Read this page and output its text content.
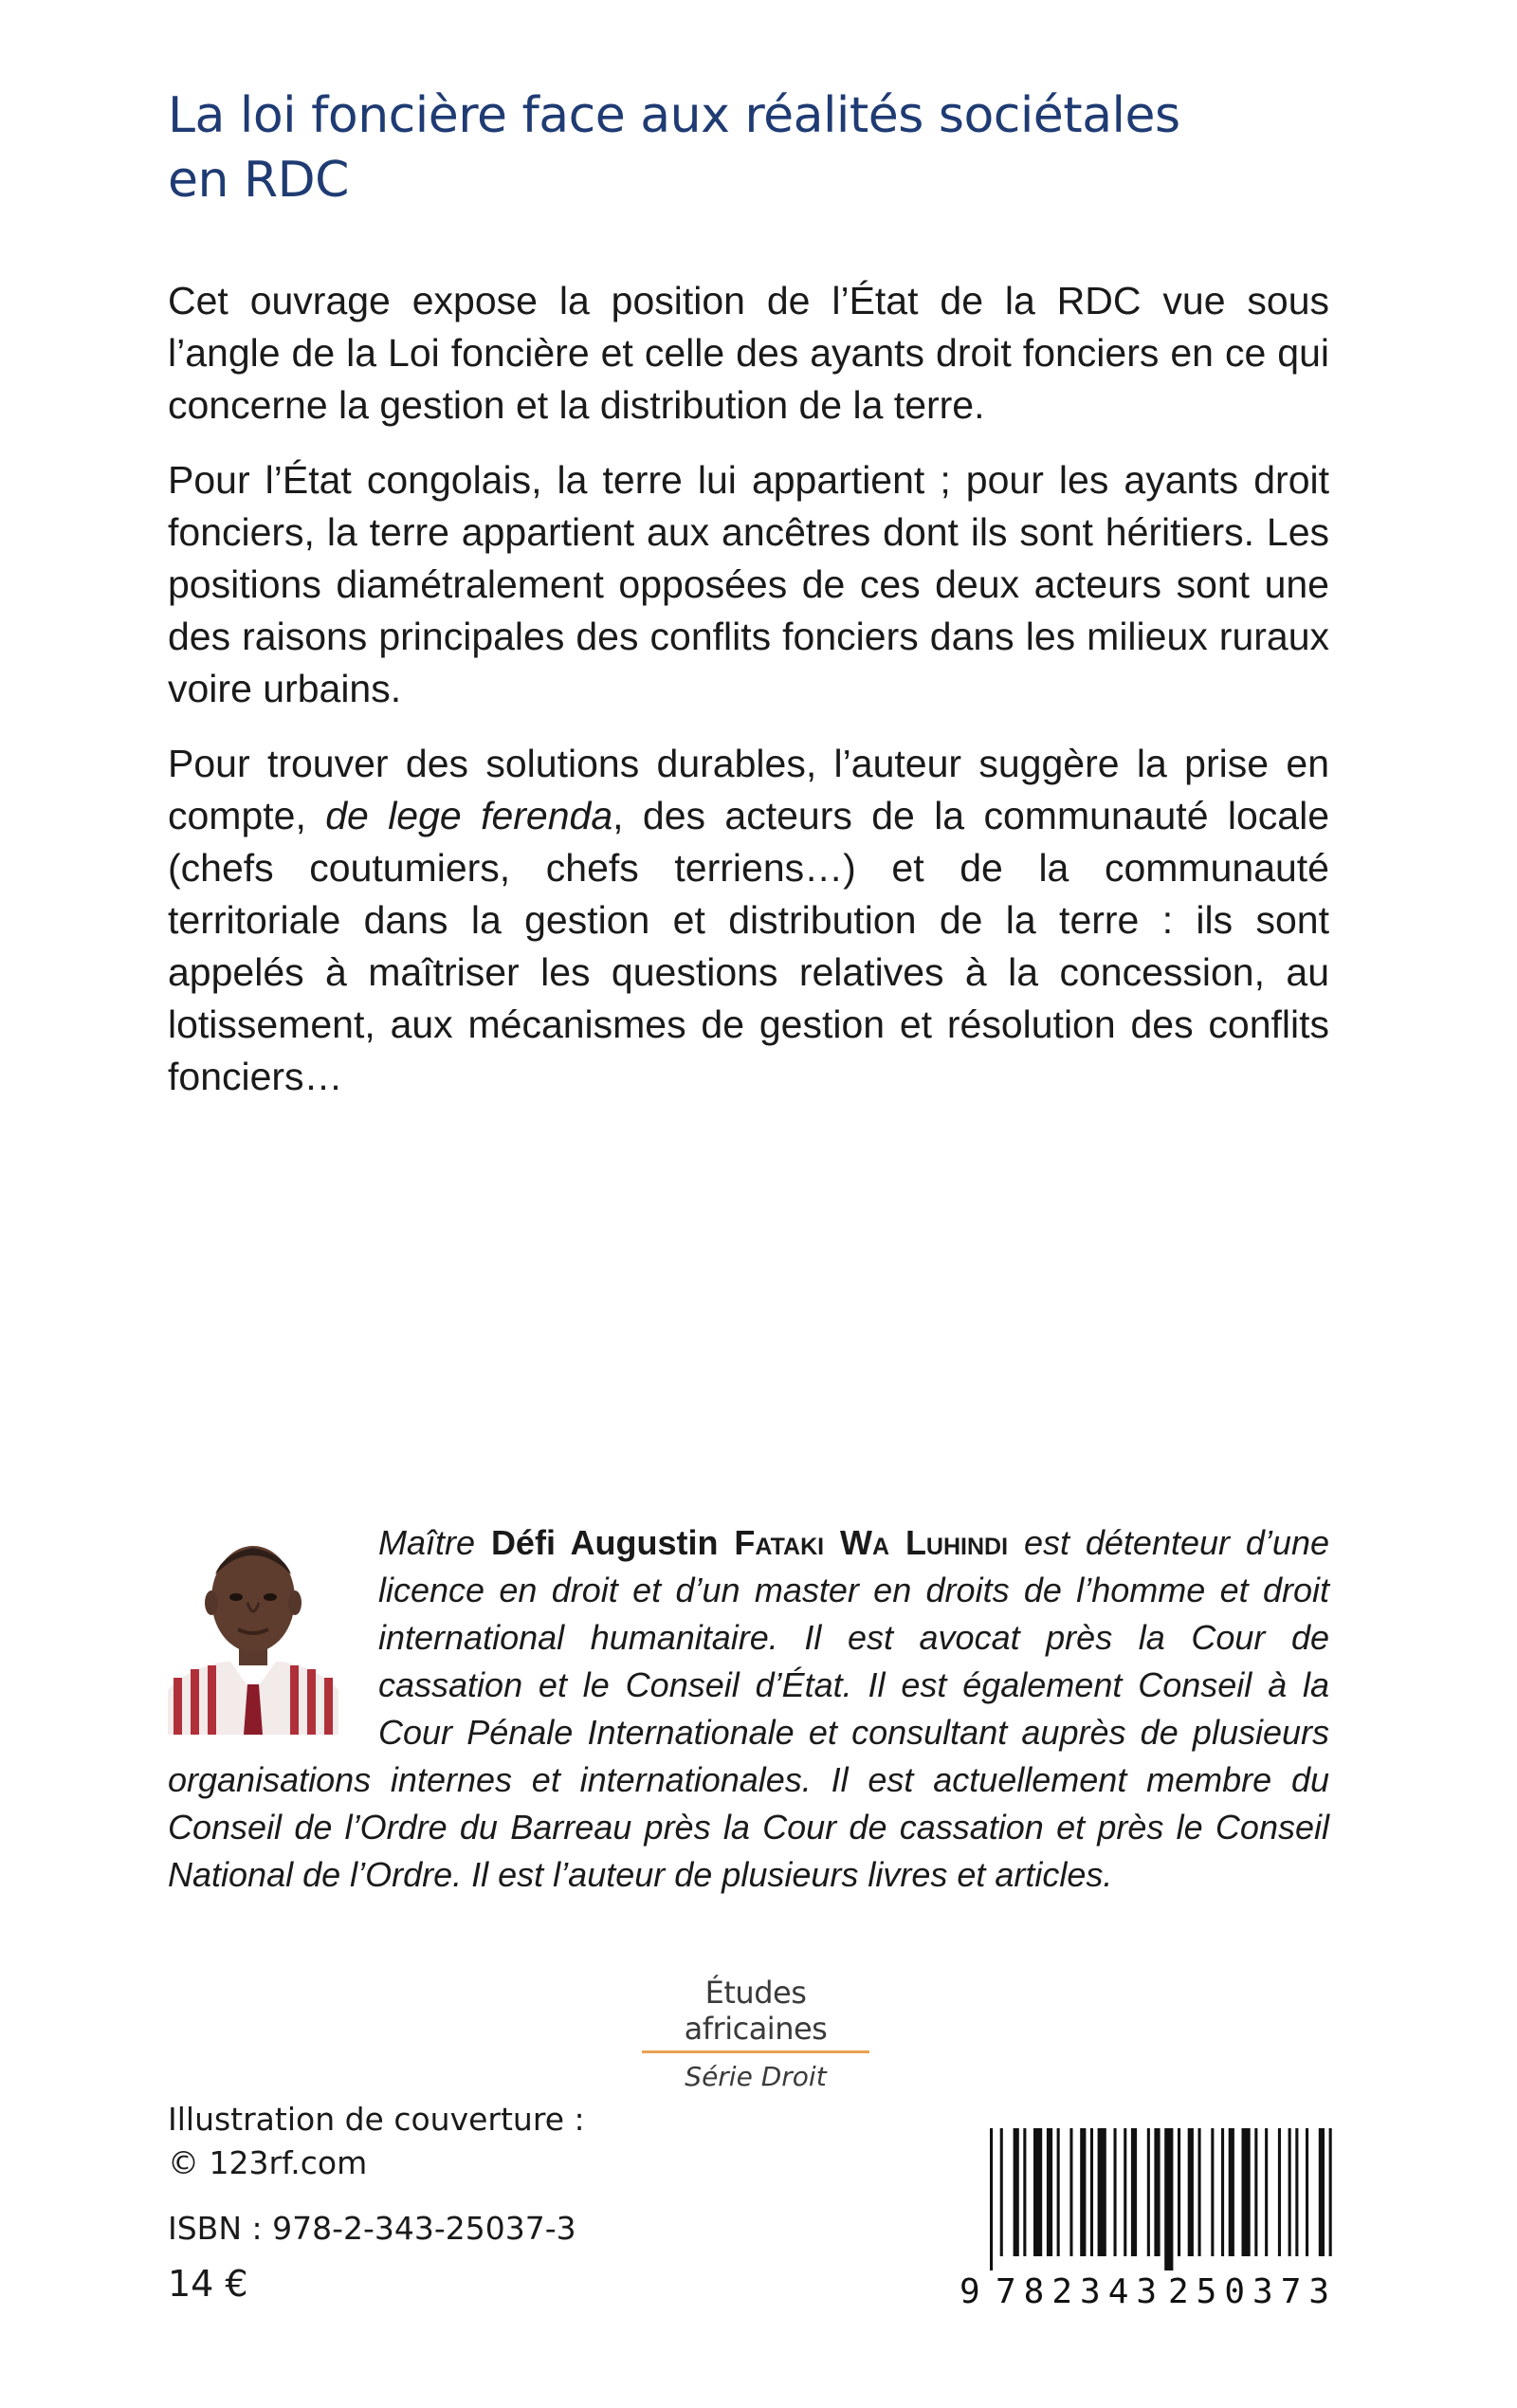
La loi foncière face aux réalités sociétales
en RDC

Cet ouvrage expose la position de l’État de la RDC vue sous l’angle de la Loi foncière et celle des ayants droit fonciers en ce qui concerne la gestion et la distribution de la terre.

Pour l’État congolais, la terre lui appartient ; pour les ayants droit fonciers, la terre appartient aux ancêtres dont ils sont héritiers. Les positions diamétralement opposées de ces deux acteurs sont une des raisons principales des conflits fonciers dans les milieux ruraux voire urbains.

Pour trouver des solutions durables, l’auteur suggère la prise en compte, de lege ferenda, des acteurs de la communauté locale (chefs coutumiers, chefs terriens…) et de la communauté territoriale dans la gestion et distribution de la terre : ils sont appelés à maîtriser les questions relatives à la concession, au lotissement, aux mécanismes de gestion et résolution des conflits fonciers…

Maître Défi Augustin Fataki Wa Luhindi est détenteur d’une licence en droit et d’un master en droits de l’homme et droit international humanitaire. Il est avocat près la Cour de cassation et le Conseil d’État. Il est également Conseil à la Cour Pénale Internationale et consultant auprès de plusieurs organisations internes et internationales. Il est actuellement membre du Conseil de l’Ordre du Barreau près la Cour de cassation et près le Conseil National de l’Ordre. Il est l’auteur de plusieurs livres et articles.
Études africaines
Série Droit
Illustration de couverture :
© 123rf.com
ISBN : 978-2-343-25037-3
14 €	9 782343 250373
